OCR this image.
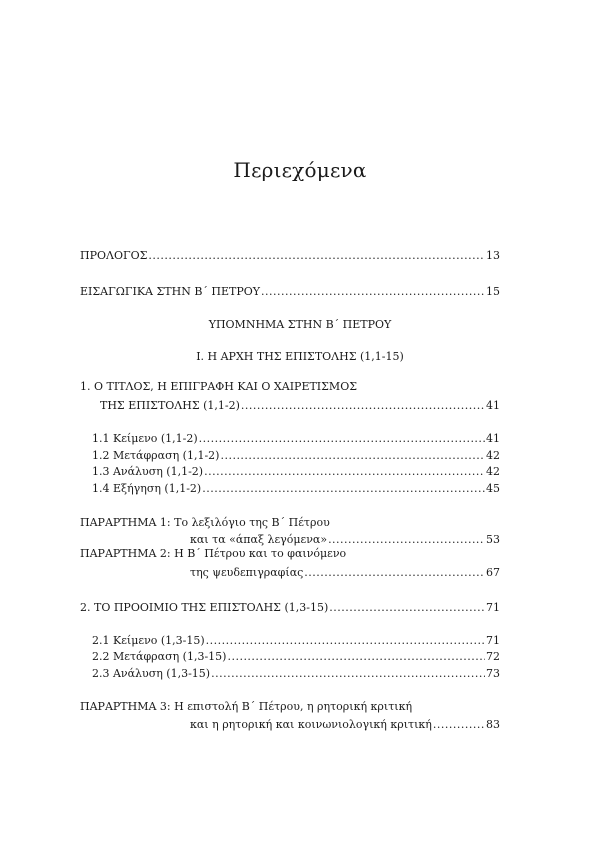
Περιεχόμενα
ΠΡΟΛΟΓΟΣ .....	13
ΕΙΣΑΓΩΓΙΚΑ ΣΤΗΝ Β΄ ΠΕΤΡΟΥ .....	15
ΥΠΟΜΝΗΜΑ ΣΤΗΝ Β΄ ΠΕΤΡΟΥ
Ι. Η ΑΡΧΗ ΤΗΣ ΕΠΙΣΤΟΛΗΣ (1,1-15)
1. Ο ΤΙΤΛΟΣ, Η ΕΠΙΓΡΑΦΗ ΚΑΙ Ο ΧΑΙΡΕΤΙΣΜΟΣ
ΤΗΣ ΕΠΙΣΤΟΛΗΣ (1,1-2) .....	41
1.1 Κείμενο (1,1-2) .....	41
1.2 Μετάφραση (1,1-2) .....	42
1.3 Ανάλυση (1,1-2) .....	42
1.4 Εξήγηση (1,1-2) .....	45
ΠΑΡΑΡΤΗΜΑ 1: Το λεξιλόγιο της Β΄ Πέτρου
και τα «άπαξ λεγόμενα» .....	53
ΠΑΡΑΡΤΗΜΑ 2: Η Β΄ Πέτρου και το φαινόμενο
της ψευδεπιγραφίας .....	67
2. ΤΟ ΠΡΟΟΙΜΙΟ ΤΗΣ ΕΠΙΣΤΟΛΗΣ (1,3-15) .....	71
2.1 Κείμενο (1,3-15) .....	71
2.2 Μετάφραση (1,3-15) .....	72
2.3 Ανάλυση (1,3-15) .....	73
ΠΑΡΑΡΤΗΜΑ 3: Η επιστολή Β΄ Πέτρου, η ρητορική κριτική
και η ρητορική και κοινωνιολογική κριτική .....	83
